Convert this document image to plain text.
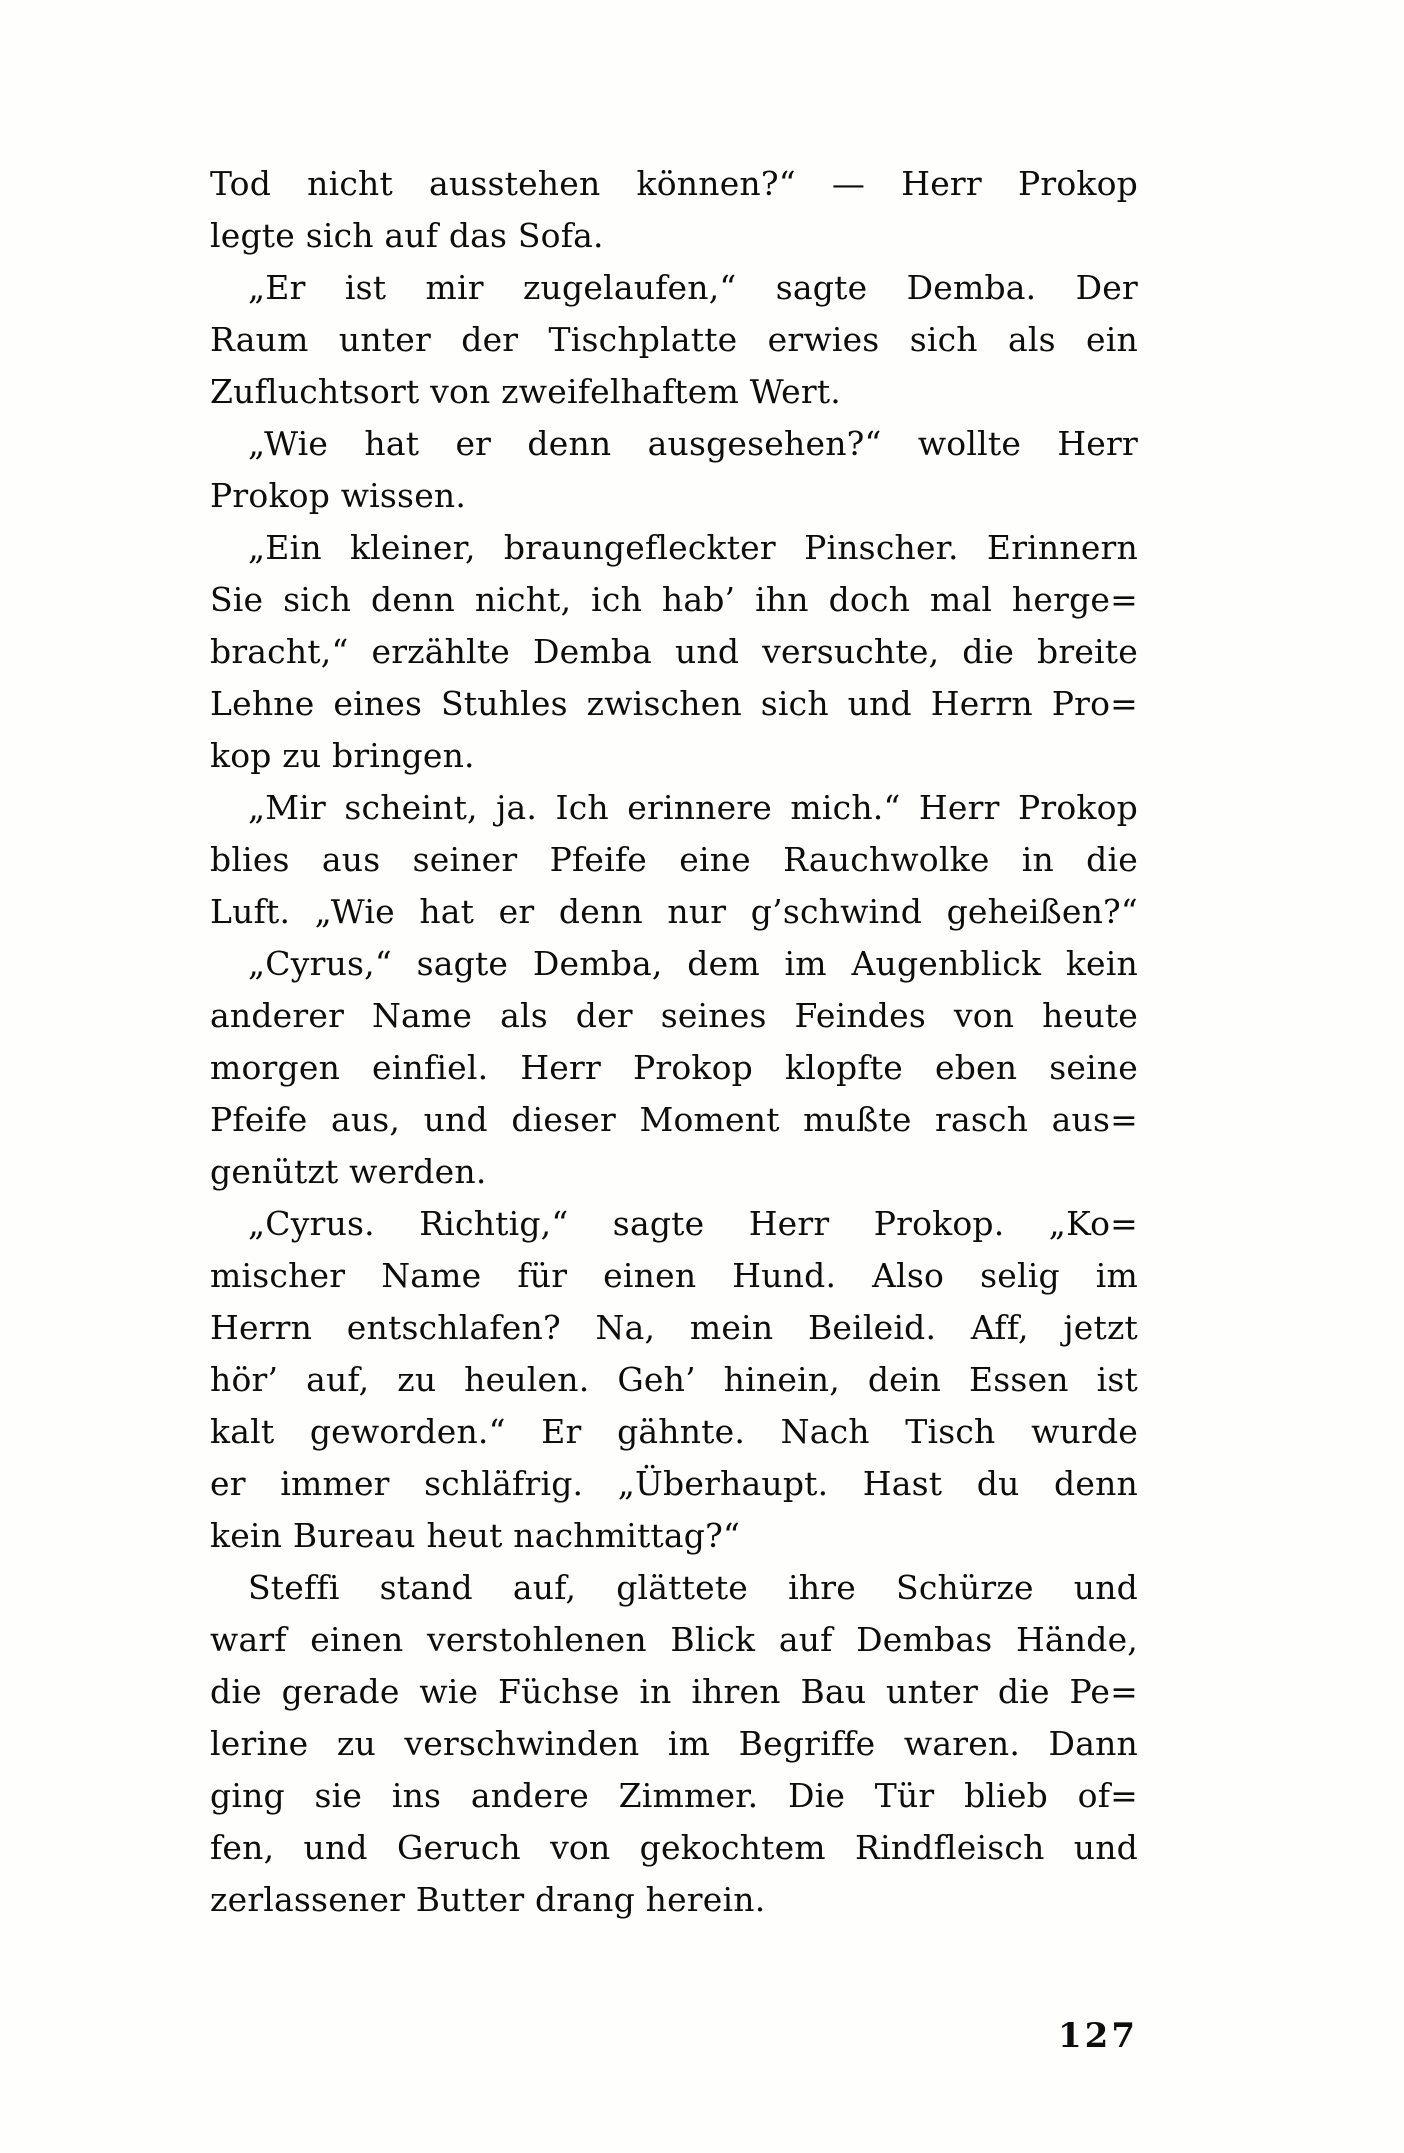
Tod nicht ausstehen können?“ — Herr Prokop
legte sich auf das Sofa.
„Er ist mir zugelaufen,“ sagte Demba. Der
Raum unter der Tischplatte erwies sich als ein
Zufluchtsort von zweifelhaftem Wert.
„Wie hat er denn ausgesehen?“ wollte Herr
Prokop wissen.
„Ein kleiner, braungefleckter Pinscher. Erinnern
Sie sich denn nicht, ich hab’ ihn doch mal herge=
bracht,“ erzählte Demba und versuchte, die breite
Lehne eines Stuhles zwischen sich und Herrn Pro=
kop zu bringen.
„Mir scheint, ja. Ich erinnere mich.“ Herr Prokop
blies aus seiner Pfeife eine Rauchwolke in die
Luft. „Wie hat er denn nur g’schwind geheißen?“
„Cyrus,“ sagte Demba, dem im Augenblick kein
anderer Name als der seines Feindes von heute
morgen einfiel. Herr Prokop klopfte eben seine
Pfeife aus, und dieser Moment mußte rasch aus=
genützt werden.
„Cyrus. Richtig,“ sagte Herr Prokop. „Ko=
mischer Name für einen Hund. Also selig im
Herrn entschlafen? Na, mein Beileid. Aff, jetzt
hör’ auf, zu heulen. Geh’ hinein, dein Essen ist
kalt geworden.“ Er gähnte. Nach Tisch wurde
er immer schläfrig. „Überhaupt. Hast du denn
kein Bureau heut nachmittag?“
Steffi stand auf, glättete ihre Schürze und
warf einen verstohlenen Blick auf Dembas Hände,
die gerade wie Füchse in ihren Bau unter die Pe=
lerine zu verschwinden im Begriffe waren. Dann
ging sie ins andere Zimmer. Die Tür blieb of=
fen, und Geruch von gekochtem Rindfleisch und
zerlassener Butter drang herein.
127
